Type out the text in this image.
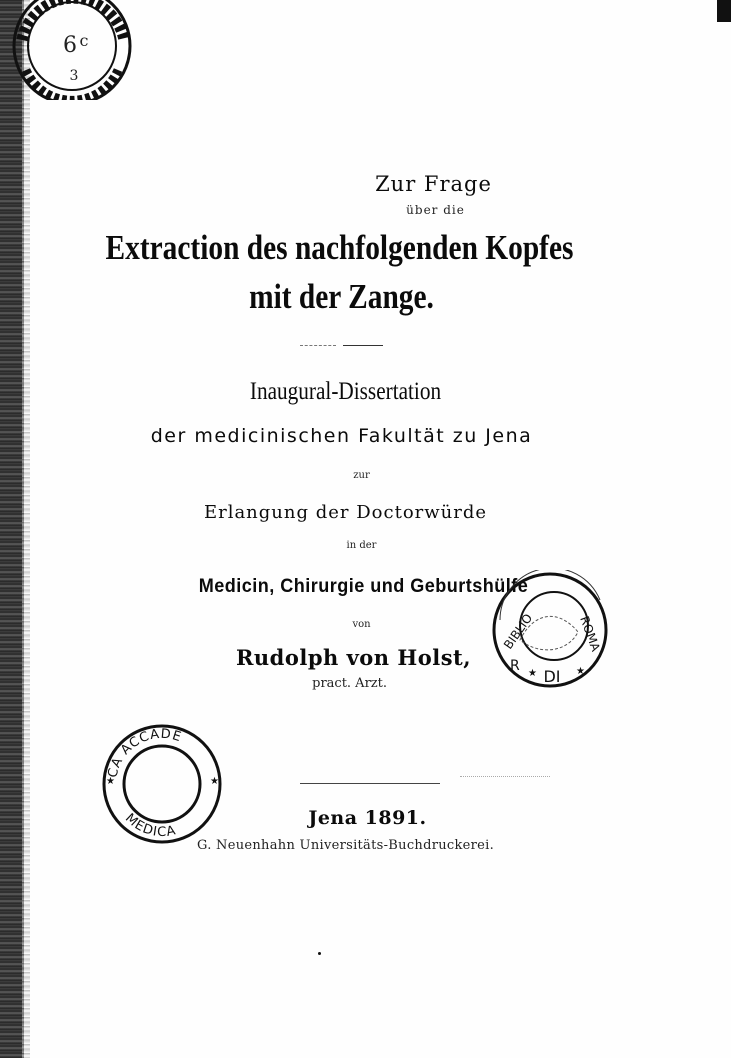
6 c
3
BIBLIOTECA ... PROF
Zur Frage
über die
Extraction des nachfolgenden Kopfes
mit der Zange.
Inaugural-Dissertation
der medicinischen Fakultät zu Jena
zur
Erlangung der Doctorwürde
in der
Medicin, Chirurgie und Geburtshülfe
von
Rudolph von Holst,
pract. Arzt.
BIBLIO	ROMA
DI
R ★	★
BIBLIOTECA DI ROMA
CA ACCADE
MEDICA
★	★
ACCADEMIA MEDICA
Jena 1891.
G. Neuenhahn Universitäts-Buchdruckerei.
